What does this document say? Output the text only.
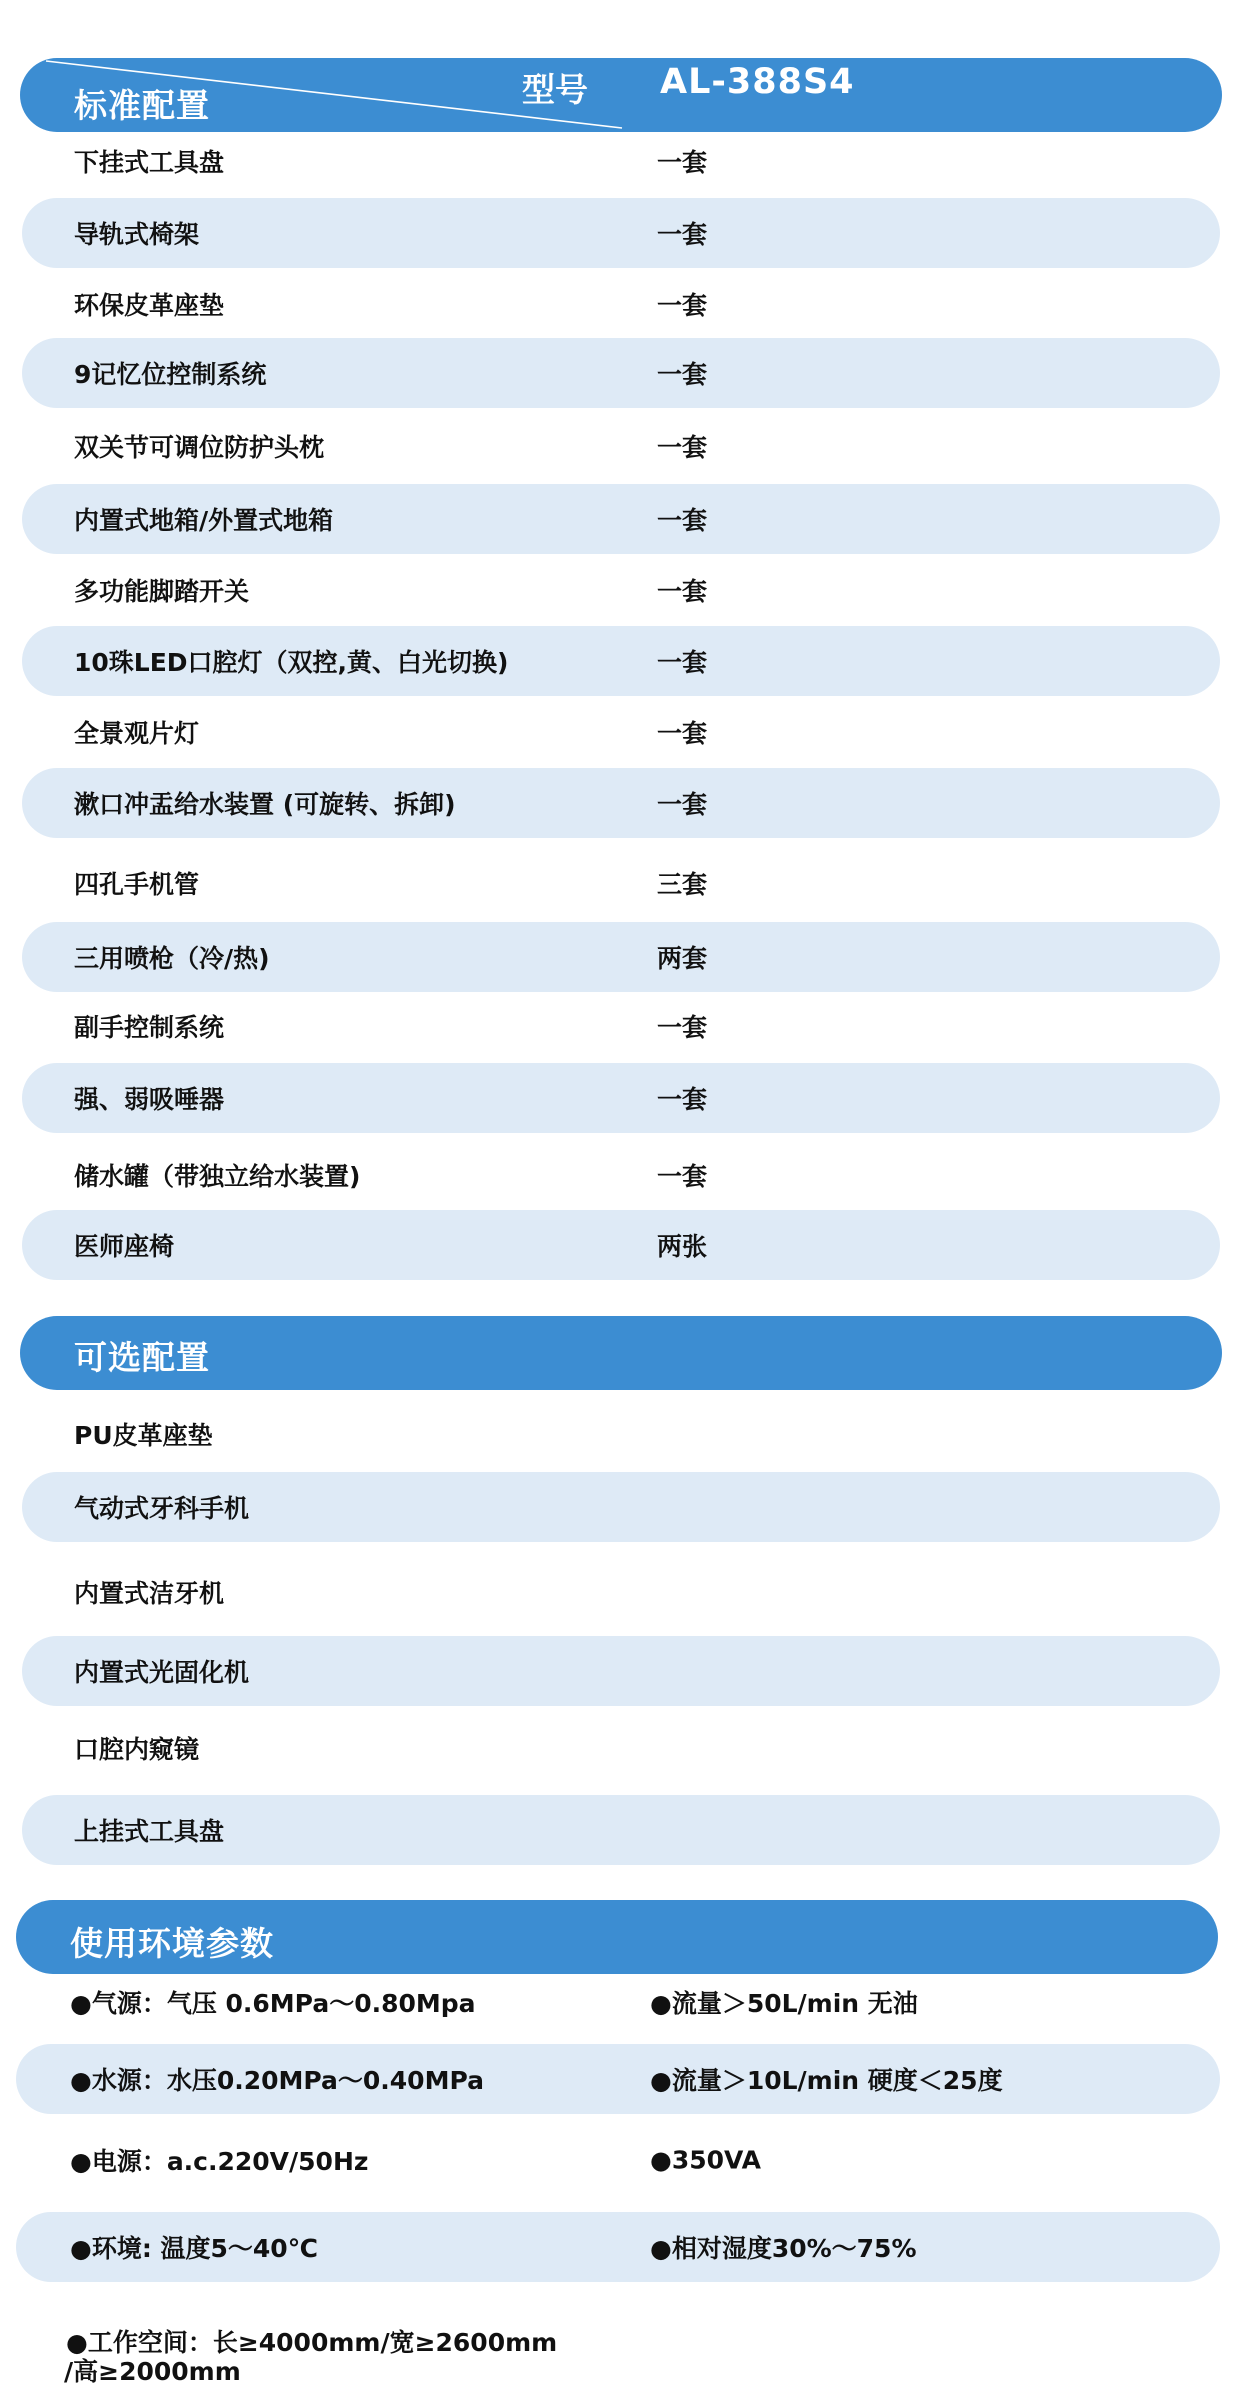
标准配置	型号 AL-388S4
下挂式工具盘	一套
导轨式椅架	一套
环保皮革座垫	一套
9记忆位控制系统	一套
双关节可调位防护头枕	一套
内置式地箱/外置式地箱	一套
多功能脚踏开关	一套
10珠LED口腔灯（双控,黄、白光切换)	一套
全景观片灯	一套
漱口冲盂给水装置 (可旋转、拆卸)	一套
四孔手机管	三套
三用喷枪（冷/热)	两套
副手控制系统	一套
强、弱吸唾器	一套
储水罐（带独立给水装置)	一套
医师座椅	两张
可选配置
PU皮革座垫
气动式牙科手机
内置式洁牙机
内置式光固化机
口腔内窥镜
上挂式工具盘
使用环境参数
●气源：气压 0.6MPa～0.80Mpa	●流量＞50L/min 无油
●水源：水压0.20MPa～0.40MPa	●流量＞10L/min 硬度＜25度
●电源：a.c.220V/50Hz	●350VA
●环境: 温度5～40℃	●相对湿度30%～75%
●工作空间：长≥4000mm/宽≥2600mm
/高≥2000mm
